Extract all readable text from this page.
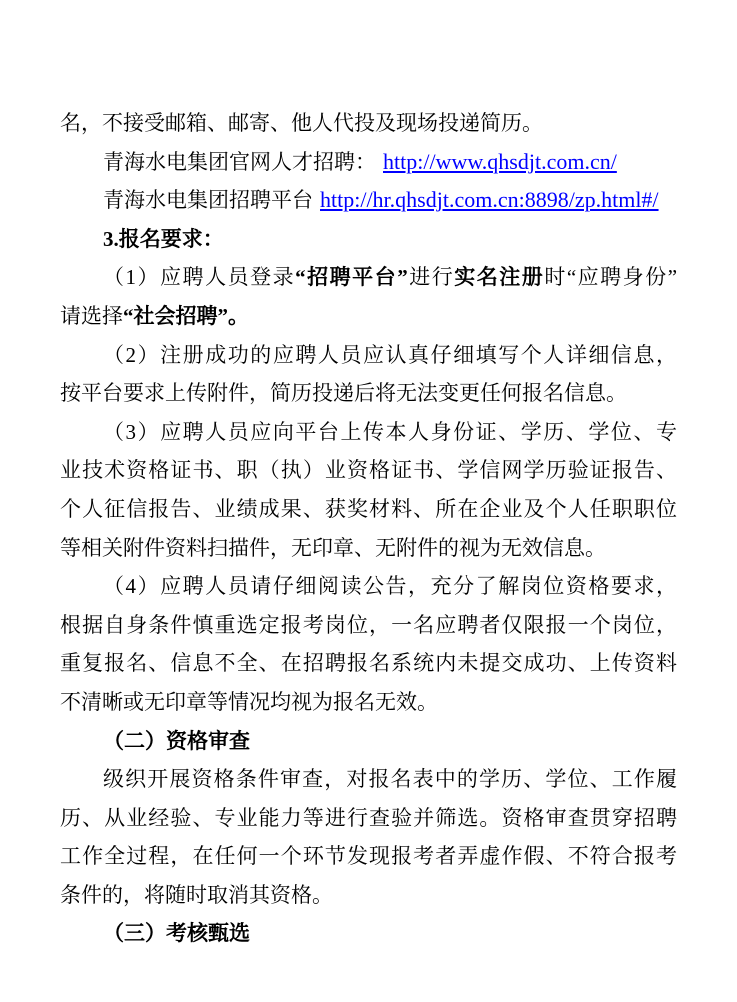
名，不接受邮箱、邮寄、他人代投及现场投递简历。

青海水电集团官网人才招聘： http://www.qhsdjt.com.cn/

青海水电集团招聘平台 http://hr.qhsdjt.com.cn:8898/zp.html#/

3.报名要求：

（1）应聘人员登录“招聘平台”进行实名注册时“应聘身份”

请选择“社会招聘”。

（2）注册成功的应聘人员应认真仔细填写个人详细信息，

按平台要求上传附件，简历投递后将无法变更任何报名信息。

（3）应聘人员应向平台上传本人身份证、学历、学位、专

业技术资格证书、职（执）业资格证书、学信网学历验证报告、

个人征信报告、业绩成果、获奖材料、所在企业及个人任职职位

等相关附件资料扫描件，无印章、无附件的视为无效信息。

（4）应聘人员请仔细阅读公告，充分了解岗位资格要求，

根据自身条件慎重选定报考岗位，一名应聘者仅限报一个岗位，

重复报名、信息不全、在招聘报名系统内未提交成功、上传资料

不清晰或无印章等情况均视为报名无效。

（二）资格审查

级织开展资格条件审查，对报名表中的学历、学位、工作履

历、从业经验、专业能力等进行查验并筛选。资格审查贯穿招聘

工作全过程，在任何一个环节发现报考者弄虚作假、不符合报考

条件的，将随时取消其资格。

（三）考核甄选
